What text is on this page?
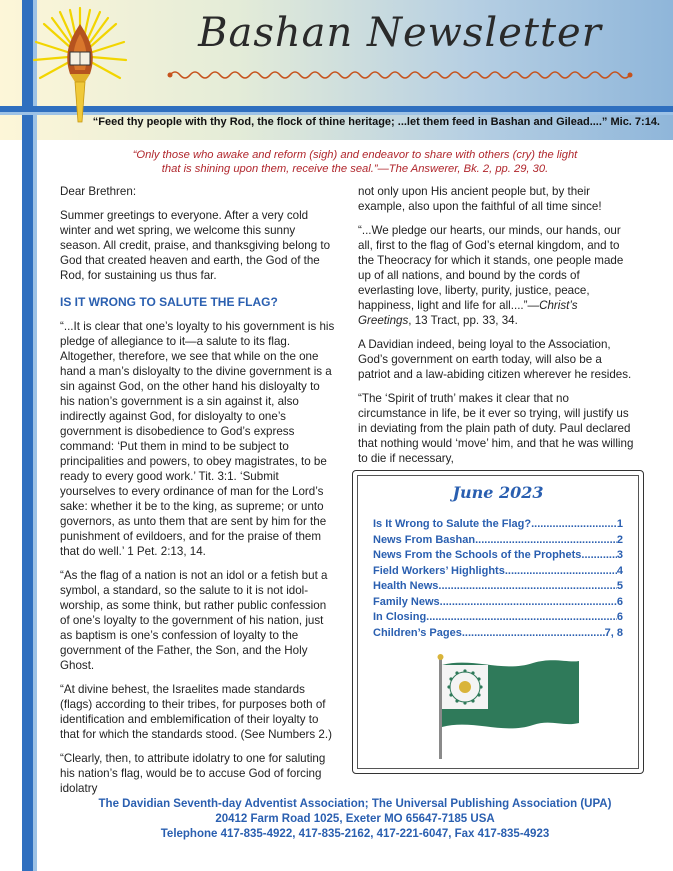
Bashan Newsletter
“Feed thy people with thy Rod, the flock of thine heritage; ...let them feed in Bashan and Gilead....” Mic. 7:14.
“Only those who awake and reform (sigh) and endeavor to share with others (cry) the light
that is shining upon them, receive the seal.”—The Answerer, Bk. 2, pp. 29, 30.

Dear Brethren:

Summer greetings to everyone. After a very cold winter and wet spring, we welcome this sunny season. All credit, praise, and thanksgiving belong to God that created heaven and earth, the God of the Rod, for sustaining us thus far.

IS IT WRONG TO SALUTE THE FLAG?

“...It is clear that one’s loyalty to his government is his pledge of allegiance to it—a salute to its flag. Altogether, therefore, we see that while on the one hand a man’s disloyalty to the divine government is a sin against God, on the other hand his disloyalty to his nation’s government is a sin against it, also indirectly against God, for disloyalty to one’s government is disobedience to God’s express command: ‘Put them in mind to be subject to principalities and powers, to obey magistrates, to be ready to every good work.’ Tit. 3:1. ‘Submit yourselves to every ordinance of man for the Lord’s sake: whether it be to the king, as supreme; or unto governors, as unto them that are sent by him for the punishment of evildoers, and for the praise of them that do well.’ 1 Pet. 2:13, 14.

“As the flag of a nation is not an idol or a fetish but a symbol, a standard, so the salute to it is not idol-worship, as some think, but rather public confession of one’s loyalty to the government of his nation, just as baptism is one’s confession of loyalty to the government of the Father, the Son, and the Holy Ghost.

“At divine behest, the Israelites made standards (flags) according to their tribes, for purposes both of identification and emblemification of their loyalty to that for which the standards stood. (See Numbers 2.)

“Clearly, then, to attribute idolatry to one for saluting his nation’s flag, would be to accuse God of forcing idolatry

not only upon His ancient people but, by their example, also upon the faithful of all time since!

“...We pledge our hearts, our minds, our hands, our all, first to the flag of God’s eternal kingdom, and to the Theocracy for which it stands, one people made up of all nations, and bound by the cords of everlasting love, liberty, purity, justice, peace, happiness, light and life for all....”—Christ’s Greetings, 13 Tract, pp. 33, 34.

A Davidian indeed, being loyal to the Association, God’s government on earth today, will also be a patriot and a law-abiding citizen wherever he resides.

“The ‘Spirit of truth’ makes it clear that no circumstance in life, be it ever so trying, will justify us in deviating from the plain path of duty. Paul declared that nothing would ‘move’ him, and that he was willing to die if necessary,

June 2023
Is It Wrong to Salute the Flag? .....	1
News From Bashan .....	2
News From the Schools of the Prophets .....	3
Field Workers’ Highlights .....	4
Health News .....	5
Family News .....	6
In Closing .....	6
Children’s Pages .....	7, 8
The Davidian Seventh-day Adventist Association; The Universal Publishing Association (UPA)
20412 Farm Road 1025, Exeter MO 65647-7185 USA
Telephone 417-835-4922, 417-835-2162, 417-221-6047, Fax 417-835-4923
